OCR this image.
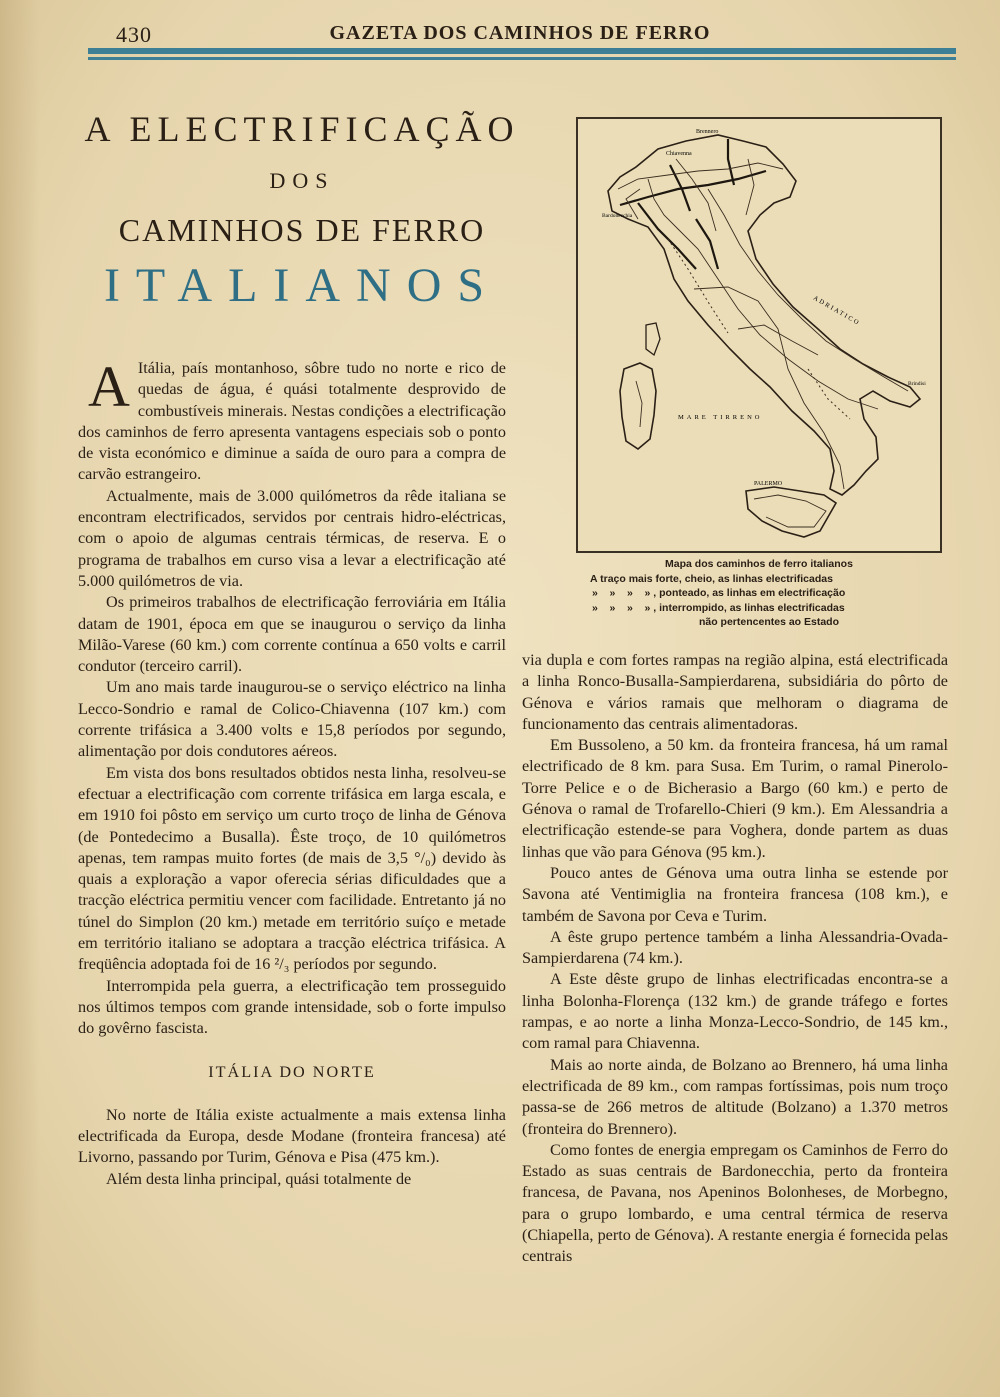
430	GAZETA DOS CAMINHOS DE FERRO
A ELECTRIFICAÇÃO
DOS
CAMINHOS DE FERRO
ITALIANOS
Brennero
Chiavenna
Bardonecchia
ADRIATICO
MARE TIRRENO
Brindisi
PALERMO
Mapa dos caminhos de ferro italianos
A traço mais forte, cheio, as linhas electrificadas
»    »    »    » , ponteado, as linhas em electrificação
»    »    »    » , interrompido, as linhas electrificadas
não pertencentes ao Estado

A Itália, país montanhoso, sôbre tudo no norte e rico de quedas de água, é quási totalmente desprovido de combustíveis minerais. Nestas condições a electrificação dos caminhos de ferro apresenta vantagens especiais sob o ponto de vista económico e diminue a saída de ouro para a compra de carvão estrangeiro.

Actualmente, mais de 3.000 quilómetros da rêde italiana se encontram electrificados, servidos por centrais hidro-eléctricas, com o apoio de algumas centrais térmicas, de reserva. E o programa de trabalhos em curso visa a levar a electrificação até 5.000 quilómetros de via.

Os primeiros trabalhos de electrificação ferroviária em Itália datam de 1901, época em que se inaugurou o serviço da linha Milão-Varese (60 km.) com corrente contínua a 650 volts e carril condutor (terceiro carril).

Um ano mais tarde inaugurou-se o serviço eléctrico na linha Lecco-Sondrio e ramal de Colico-Chiavenna (107 km.) com corrente trifásica a 3.400 volts e 15,8 períodos por segundo, alimentação por dois condutores aéreos.

Em vista dos bons resultados obtidos nesta linha, resolveu-se efectuar a electrificação com corrente trifásica em larga escala, e em 1910 foi pôsto em serviço um curto troço de linha de Génova (de Pontedecimo a Busalla). Êste troço, de 10 quilómetros apenas, tem rampas muito fortes (de mais de 3,5 °/₀) devido às quais a exploração a vapor oferecia sérias dificuldades que a tracção eléctrica permitiu vencer com facilidade. Entretanto já no túnel do Simplon (20 km.) metade em território suíço e metade em território italiano se adoptara a tracção eléctrica trifásica. A freqüência adoptada foi de 16 ²/₃ períodos por segundo.

Interrompida pela guerra, a electrificação tem prosseguido nos últimos tempos com grande intensidade, sob o forte impulso do govêrno fascista.

ITÁLIA DO NORTE

No norte de Itália existe actualmente a mais extensa linha electrificada da Europa, desde Modane (fronteira francesa) até Livorno, passando por Turim, Génova e Pisa (475 km.).

Além desta linha principal, quási totalmente de

via dupla e com fortes rampas na região alpina, está electrificada a linha Ronco-Busalla-Sampierdarena, subsidiária do pôrto de Génova e vários ramais que melhoram o diagrama de funcionamento das centrais alimentadoras.

Em Bussoleno, a 50 km. da fronteira francesa, há um ramal electrificado de 8 km. para Susa. Em Turim, o ramal Pinerolo-Torre Pelice e o de Bicherasio a Bargo (60 km.) e perto de Génova o ramal de Trofarello-Chieri (9 km.). Em Alessandria a electrificação estende-se para Voghera, donde partem as duas linhas que vão para Génova (95 km.).

Pouco antes de Génova uma outra linha se estende por Savona até Ventimiglia na fronteira francesa (108 km.), e também de Savona por Ceva e Turim.

A êste grupo pertence também a linha Alessandria-Ovada-Sampierdarena (74 km.).

A Este dêste grupo de linhas electrificadas encontra-se a linha Bolonha-Florença (132 km.) de grande tráfego e fortes rampas, e ao norte a linha Monza-Lecco-Sondrio, de 145 km., com ramal para Chiavenna.

Mais ao norte ainda, de Bolzano ao Brennero, há uma linha electrificada de 89 km., com rampas fortíssimas, pois num troço passa-se de 266 metros de altitude (Bolzano) a 1.370 metros (fronteira do Brennero).

Como fontes de energia empregam os Caminhos de Ferro do Estado as suas centrais de Bardonecchia, perto da fronteira francesa, de Pavana, nos Apeninos Bolonheses, de Morbegno, para o grupo lombardo, e uma central térmica de reserva (Chiapella, perto de Génova). A restante energia é fornecida pelas centrais
